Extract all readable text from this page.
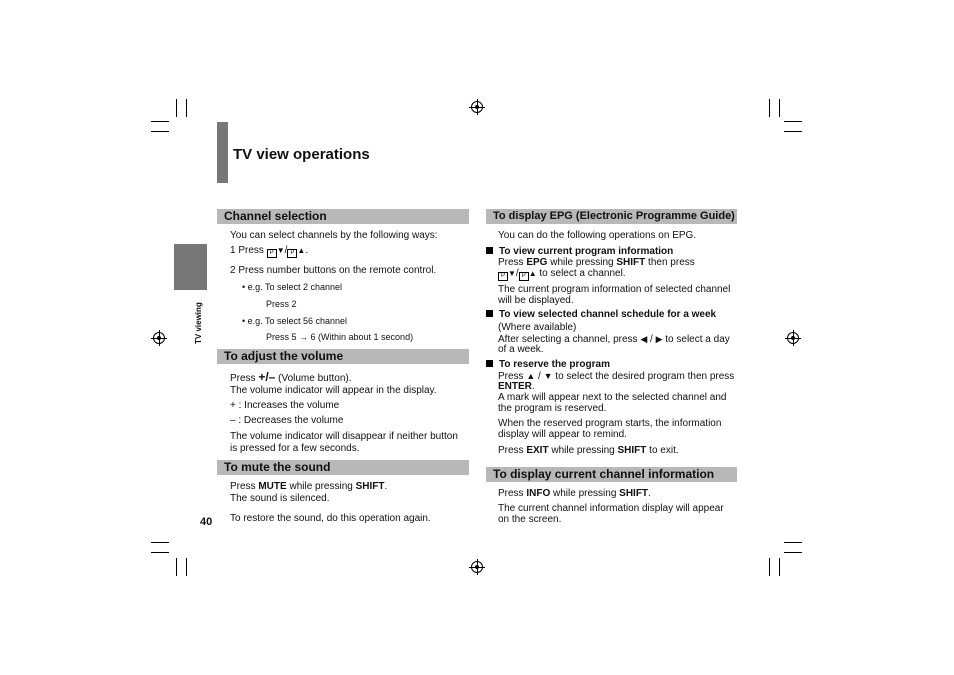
TV view operations
TV viewing
40
Channel selection
You can select channels by the following ways:
1 Press P ▼/ P ▲.
2 Press number buttons on the remote control.
• e.g. To select 2 channel
Press 2
• e.g. To select 56 channel
Press 5 → 6 (Within about 1 second)
To adjust the volume
Press +/– (Volume button).
The volume indicator will appear in the display.
+ : Increases the volume
– : Decreases the volume
The volume indicator will disappear if neither button
is pressed for a few seconds.
To mute the sound
Press MUTE while pressing SHIFT.
The sound is silenced.
To restore the sound, do this operation again.
To display EPG (Electronic Programme Guide)
You can do the following operations on EPG.
To view current program information
Press EPG while pressing SHIFT then press
P ▼/ P ▲ to select a channel.
The current program information of selected channel
will be displayed.
To view selected channel schedule for a week
(Where available)
After selecting a channel, press ◀ / ▶ to select a day
of a week.
To reserve the program
Press ▲ / ▼ to select the desired program then press
ENTER.
A mark will appear next to the selected channel and
the program is reserved.
When the reserved program starts, the information
display will appear to remind.
Press EXIT while pressing SHIFT to exit.
To display current channel information
Press INFO while pressing SHIFT.
The current channel information display will appear
on the screen.
